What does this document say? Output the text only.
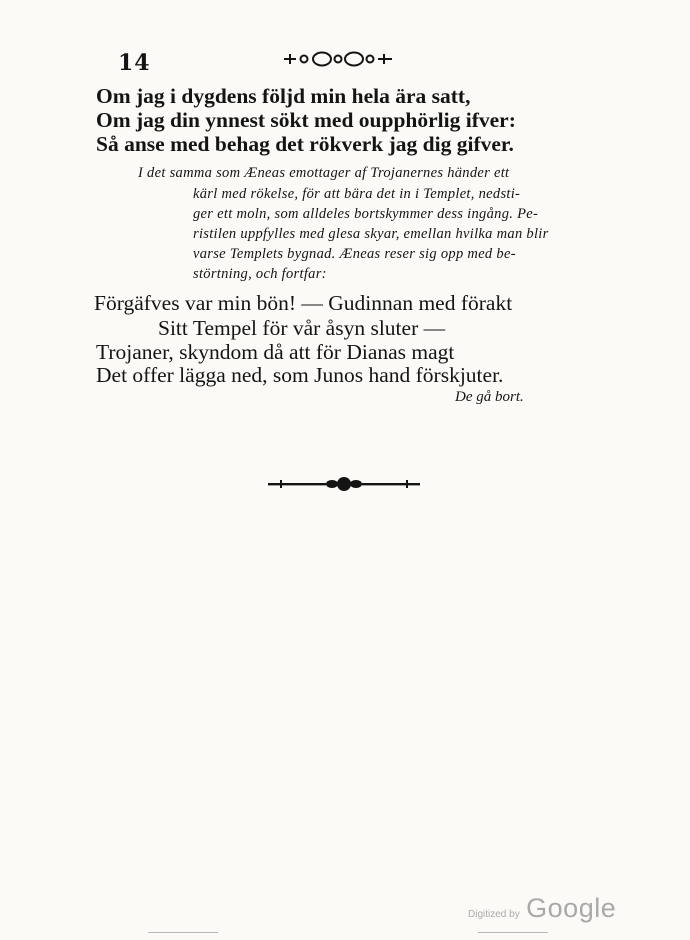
14
Om jag i dygdens följd min hela ära satt,
Om jag din ynnest sökt med oupphörlig ifver:
Så anse med behag det rökverk jag dig gifver.
I det samma som Æneas emottager af Trojanernes händer ett
kärl med rökelse, för att bära det in i Templet, nedsti-
ger ett moln, som alldeles bortskymmer dess ingång. Pe-
ristilen uppfylles med glesa skyar, emellan hvilka man blir
varse Templets bygnad. Æneas reser sig opp med be-
störtning, och fortfar:
Förgäfves var min bön! — Gudinnan med förakt
Sitt Tempel för vår åsyn sluter —
Trojaner, skyndom då att för Dianas magt
Det offer lägga ned, som Junos hand förskjuter.
De gå bort.
Digitized by Google
